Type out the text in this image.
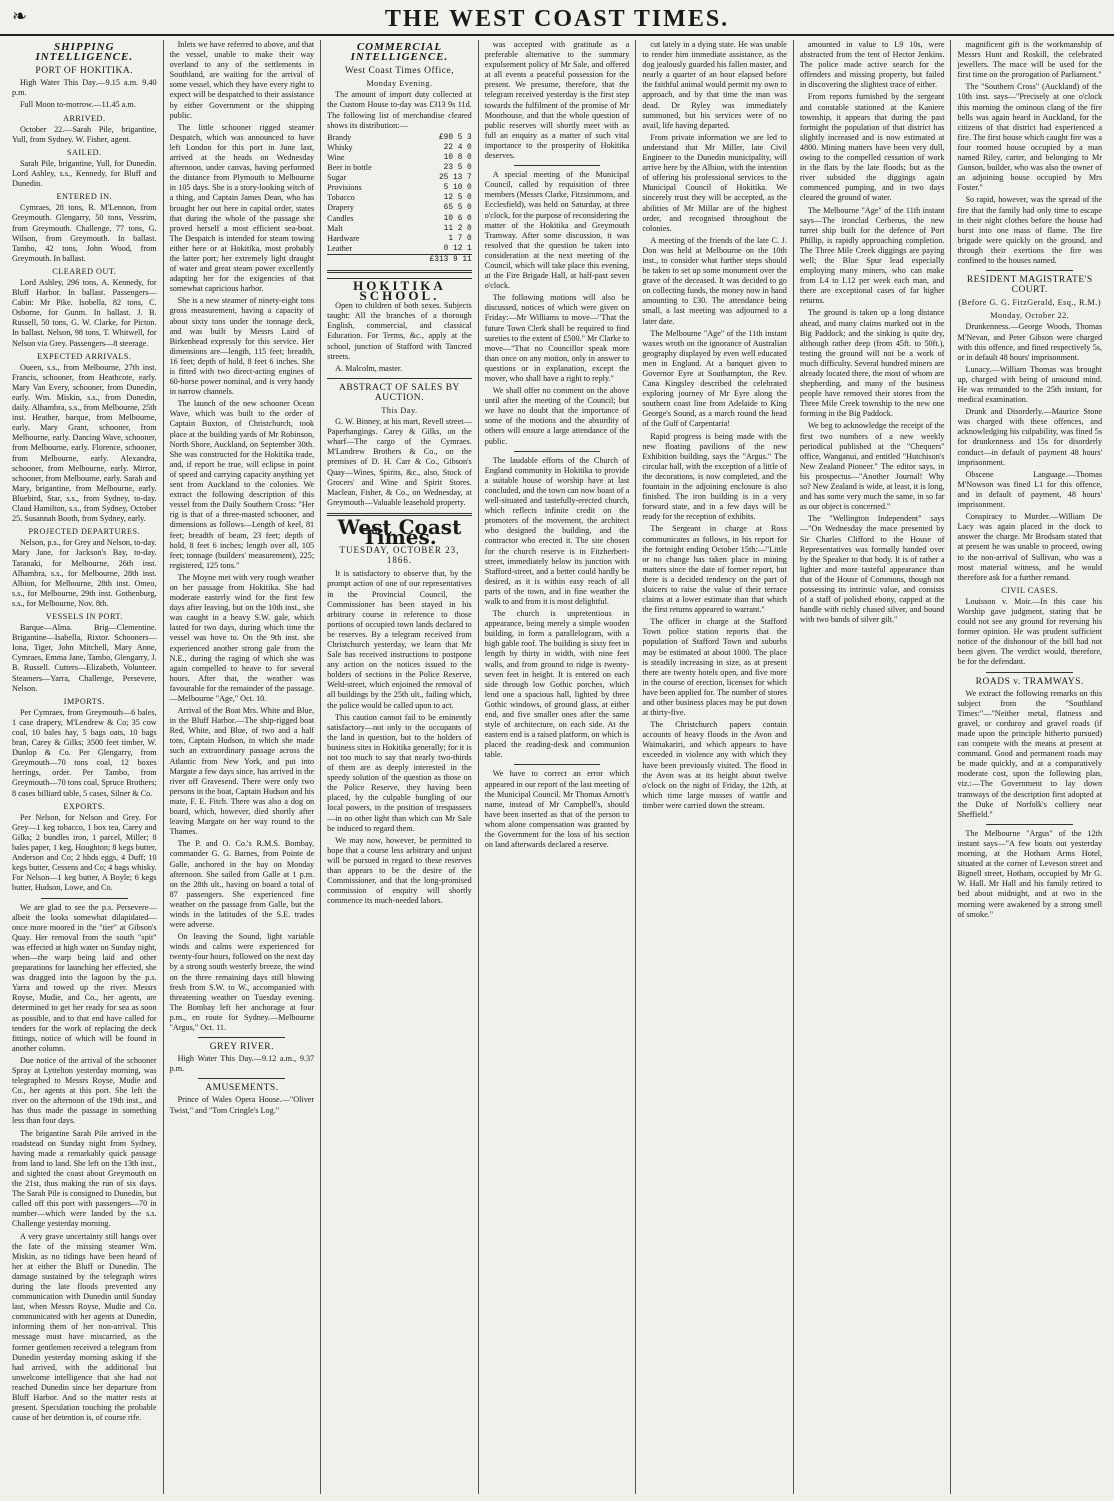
❧	THE WEST COAST TIMES.
SHIPPING INTELLIGENCE.
PORT OF HOKITIKA.

High Water This Day.—9.15 a.m. 9.40 p.m.

Full Moon to-morrow.—11.45 a.m.

ARRIVED.

October 22.—Sarah Pile, brigantine, Yull, from Sydney. W. Fisher, agent.

SAILED.

Sarah Pile, brigantine, Yull, for Dunedin. Lord Ashley, s.s., Kennedy, for Bluff and Dunedin.

ENTERED IN.

Cymraes, 28 tons, R. M'Lennon, from Greymouth. Glengarry, 50 tons, Vessrim, from Greymouth. Challenge, 77 tons, G. Wilson, from Greymouth. In ballast. Tambo, 42 tons, John Wood, from Greymouth. In ballast.

CLEARED OUT.

Lord Ashley, 296 tons, A. Kennedy, for Bluff Harbor. In ballast. Passengers—Cabin: Mr Pike. Isobella, 82 tons, C. Osborne, for Gunm. In ballast. J. B. Russell, 50 tons, G. W. Clarke, for Picton. In ballast. Nelson, 98 tons, T. Whitwell, for Nelson via Grey. Passengers—8 steerage.

EXPECTED ARRIVALS.

Oueen, s.s., from Melbourne, 27th inst. Francis, schooner, from Heathcote, early. Mary Van Every, schooner, from Dunedin, early. Wm. Miskin, s.s., from Dunedin, daily. Alhambra, s.s., from Melbourne, 25th inst. Heather, barque, from Melbourne, early. Mary Grant, schooner, from Melbourne, early. Dancing Wave, schooner, from Melbourne, early. Florence, schooner, from Melbourne, early. Alexandra, schooner, from Melbourne, early. Mirror, schooner, from Melbourne, early. Sarah and Mary, brigantine, from Melbourne, early. Bluebird, Star, s.s., from Sydney, to-day. Claud Hamilton, s.s., from Sydney, October 25. Susannah Booth, from Sydney, early.

PROJECTED DEPARTURES.

Nelson, p.s., for Grey and Nelson, to-day. Mary Jane, for Jackson's Bay, to-day. Taranaki, for Melbourne, 26th inst. Alhambra, s.s., for Melbourne, 28th inst. Albion, for Melbourne, 28th inst. Omeo, s.s., for Melbourne, 29th inst. Gothenburg, s.s., for Melbourne, Nov. 8th.

VESSELS IN PORT.

Barque—Alma. Brig—Clementine. Brigantine—Isabella, Rixtor. Schooners—Iona, Tiger, John Mitchell, Mary Anne, Cymraes, Emma Jane, Tambo, Glengarry, J. B. Russell. Cutters—Elizabeth, Volunteer. Steamers—Yarra, Challenge, Persevere, Nelson.

IMPORTS.

Per Cymraes, from Greymouth—6 bales, 1 case drapery, M'Lendrew & Co; 35 cow coal, 10 bales hay, 5 bags oats, 10 bags bran, Carey & Gilks; 3500 feet timber, W. Dunlop & Co. Per Glengarry, from Greymouth—70 tons coal, 12 boxes herrings, order. Per Tambo, from Greymouth—70 tons coal, Spruce Brothers; 8 cases billiard table, 5 cases, Silner & Co.

EXPORTS.

Per Nelson, for Nelson and Grey. For Grey—1 keg tobacco, 1 box tea, Carey and Gilks; 2 bundles iron, 1 parcel, Miller; 8 bales paper, 1 keg, Houghton; 8 kegs butter, Anderson and Co; 2 hhds eggs, 4 Duff; 10 kegs butter, Cessens and Co; 4 bags whisky. For Nelson—1 keg butter, A Boyle; 6 kegs butter, Hudson, Lowe, and Co.

We are glad to see the p.s. Persevere—albeit the looks somewhat dilapidated—once more moored in the "tier" at Gibson's Quay. Her removal from the south "spit" was effected at high water on Sunday night, when—the warp being laid and other preparations for launching her effected, she was dragged into the lagoon by the p.s. Yarra and towed up the river. Messrs Royse, Mudie, and Co., her agents, are determined to get her ready for sea as soon as possible, and to that end have called for tenders for the work of replacing the deck fittings, notice of which will be found in another column.

Due notice of the arrival of the schooner Spray at Lyttelton yesterday morning, was telegraphed to Messrs Royse, Mudie and Co., her agents at this port. She left the river on the afternoon of the 19th inst., and has thus made the passage in something less than four days.

The brigantine Sarah Pile arrived in the roadstead on Sunday night from Sydney, having made a remarkably quick passage from land to land. She left on the 13th inst., and sighted the coast about Greymouth on the 21st, thus making the run of six days. The Sarah Pile is consigned to Dunedin, but called off this port with passengers—70 in number—which were landed by the s.s. Challenge yesterday morning.

A very grave uncertainty still hangs over the fate of the missing steamer Wm. Miskin, as no tidings have been heard of her at either the Bluff or Dunedin. The damage sustained by the telegraph wires during the late floods prevented any communication with Dunedin until Sunday last, when Messrs Royse, Mudie and Co. communicated with her agents at Dunedin, informing them of her non-arrival. This message must have miscarried, as the former gentlemen received a telegram from Dunedin yesterday morning asking if she had arrived, with the additional but unwelcome intelligence that she had not reached Dunedin since her departure from Bluff Harbor. And so the matter rests at present. Speculation touching the probable cause of her detention is, of course rife.

Inlets we have referred to above, and that the vessel, unable to make their way overland to any of the settlements in Southland, are waiting for the arrival of some vessel, which they have every right to expect will be despatched to their assistance by either Government or the shipping public.

The little schooner rigged steamer Despatch, which was announced to have left London for this port in June last, arrived at the heads on Wednesday afternoon, under canvas, having performed the distance from Plymouth to Melbourne in 105 days. She is a story-looking witch of a thing, and Captain James Dean, who has brought her out here in capital order, states that during the whole of the passage she proved herself a most efficient sea-boat. The Despatch is intended for steam towing either here or at Hokitika, most probably the latter port; her extremely light draught of water and great steam power excellently adapting her for the exigencies of that somewhat capricious harbor.

She is a new steamer of ninety-eight tons gross measurement, having a capacity of about sixty tons under the tonnage deck, and was built by Messrs Laird of Birkenhead expressly for this service. Her dimensions are—length, 115 feet; breadth, 16 feet; depth of hold, 8 feet 6 inches. She is fitted with two direct-acting engines of 60-horse power nominal, and is very handy in narrow channels.

The launch of the new schooner Ocean Wave, which was built to the order of Captain Buxton, of Christchurch, took place at the building yards of Mr Robinson, North Shore, Auckland, on September 30th. She was constructed for the Hokitika trade, and, if report be true, will eclipse in point of speed and carrying capacity anything yet sent from Auckland to the colonies. We extract the following description of this vessel from the Daily Southern Cross: "Her rig is that of a three-masted schooner, and dimensions as follows—Length of keel, 81 feet; breadth of beam, 23 feet; depth of hold, 8 feet 6 inches; length over all, 105 feet; tonnage (builders' measurement), 225; registered, 125 tons."

The Moyne met with very rough weather on her passage from Hokitika. She had moderate easterly wind for the first few days after leaving, but on the 10th inst., she was caught in a heavy S.W. gale, which lasted for two days, during which time the vessel was hove to. On the 9th inst. she experienced another strong gale from the N.E., during the raging of which she was again compelled to heave to for several hours. After that, the weather was favourable for the remainder of the passage.—Melbourne "Age," Oct. 10.

Arrival of the Boat Mrs. White and Blue, in the Bluff Harbor.—The ship-rigged boat Red, White, and Blue, of two and a half tons, Captain Hudson, in which she made such an extraordinary passage across the Atlantic from New York, and put into Margate a few days since, has arrived in the river off Gravesend. There were only two persons in the boat, Captain Hudson and his mate, F. E. Fitch. There was also a dog on board, which, however, died shortly after leaving Margate on her way round to the Thames.

The P. and O. Co.'s R.M.S. Bombay, commander G. G. Barnes, from Pointe de Galle, anchored in the bay on Monday afternoon. She sailed from Galle at 1 p.m. on the 28th ult., having on board a total of 87 passengers. She experienced fine weather on the passage from Galle, but the winds in the latitudes of the S.E. trades were adverse.

On leaving the Sound, light variable winds and calms were experienced for twenty-four hours, followed on the next day by a strong south westerly breeze, the wind on the three remaining days still blowing fresh from S.W. to W., accompanied with threatening weather on Tuesday evening. The Bombay left her anchorage at four p.m., en route for Sydney.—Melbourne "Argus," Oct. 11.

GREY RIVER.

High Water This Day.—9.12 a.m., 9.37 p.m.

AMUSEMENTS.

Prince of Wales Opera House.—"Oliver Twist," and "Tom Cringle's Log."

COMMERCIAL INTELLIGENCE.
West Coast Times Office,
Monday Evening.

The amount of import duty collected at the Custom House to-day was £313 9s 11d. The following list of merchandise cleared shows its distribution:—

Brandy	£90 5 3
Whisky	22 4 0
Wine	10 8 0
Beer in bottle	23 5 0
Sugar	25 13 7
Provisions	5 10 0
Tobacco	12 5 0
Drapery	65 5 0
Candles	10 6 0
Malt	11 2 0
Hardware	1 7 0
Leather	0 12 1
	£313 9 11
HOKITIKA SCHOOL.

Open to children of both sexes. Subjects taught: All the branches of a thorough English, commercial, and classical Education. For Terms, &c., apply at the school, junction of Stafford with Tancred streets.

A. Malcolm, master.

ABSTRACT OF SALES BY AUCTION.
This Day.

G. W. Binney, at his mart, Revell street—Paperhangings. Carey & Gilks, on the wharf—The cargo of the Cymraes. M'Landrew Brothers & Co., on the premises of D. H. Carr & Co., Gibson's Quay—Wines, Spirits, &c., also, Stock of Grocers' and Wine and Spirit Stores. Maclean, Fisher, & Co., on Wednesday, at Greymouth—Valuable leasehold property.

West Coast Times.
TUESDAY, OCTOBER 23, 1866.

It is satisfactory to observe that, by the prompt action of one of our representatives in the Provincial Council, the Commissioner has been stayed in his arbitrary course in reference to those portions of occupied town lands declared to be reserves. By a telegram received from Christchurch yesterday, we learn that Mr Sale has received instructions to postpone any action on the notices issued to the holders of sections in the Police Reserve, Weld-street, which enjoined the removal of all buildings by the 25th ult., failing which, the police would be called upon to act.

This caution cannot fail to be eminently satisfactory—not only to the occupants of the land in question, but to the holders of business sites in Hokitika generally; for it is not too much to say that nearly two-thirds of them are as deeply interested in the speedy solution of the question as those on the Police Reserve, they having been placed, by the culpable bungling of our local powers, in the position of trespassers—in no other light than which can Mr Sale be induced to regard them.

We may now, however, be permitted to hope that a course less arbitrary and unjust will be pursued in regard to these reserves than appears to be the desire of the Commissioner, and that the long-promised commission of enquiry will shortly commence its much-needed labors.

was accepted with gratitude as a preferable alternative to the summary expulsement policy of Mr Sale, and offered at all events a peaceful possession for the present. We presume, therefore, that the telegram received yesterday is the first step towards the fulfilment of the promise of Mr Moorhouse, and that the whole question of public reserves will shortly meet with as full an enquiry as a matter of such vital importance to the prosperity of Hokitika deserves.

A special meeting of the Municipal Council, called by requisition of three members (Messrs Clarke, Fitzsimmons, and Ecclesfield), was held on Saturday, at three o'clock, for the purpose of reconsidering the matter of the Hokitika and Greymouth Tramway. After some discussion, it was resolved that the question be taken into consideration at the next meeting of the Council, which will take place this evening, at the Fire Brigade Hall, at half-past seven o'clock.

The following motions will also be discussed, notices of which were given on Friday:—Mr Williams to move—"That the future Town Clerk shall be required to find sureties to the extent of £500." Mr Clarke to move—"That no Councillor speak more than once on any motion, only in answer to questions or in explanation, except the mover, who shall have a right to reply."

We shall offer no comment on the above until after the meeting of the Council; but we have no doubt that the importance of some of the motions and the absurdity of others will ensure a large attendance of the public.

The laudable efforts of the Church of England community in Hokitika to provide a suitable house of worship have at last concluded, and the town can now boast of a well-situated and tastefully-erected church, which reflects infinite credit on the promoters of the movement, the architect who designed the building, and the contractor who erected it. The site chosen for the church reserve is in Fitzherbert-street, immediately below its junction with Stafford-street, and a better could hardly be desired, as it is within easy reach of all parts of the town, and in fine weather the walk to and from it is most delightful.

The church is unpretentious in appearance, being merely a simple wooden building, in form a parallelogram, with a high gable roof. The building is sixty feet in length by thirty in width, with nine feet walls, and from ground to ridge is twenty-seven feet in height. It is entered on each side through low Gothic porches, which lend one a spacious hall, lighted by three Gothic windows, of ground glass, at either end, and five smaller ones after the same style of architecture, on each side. At the eastern end is a raised platform, on which is placed the reading-desk and communion table.

We have to correct an error which appeared in our report of the last meeting of the Municipal Council. Mr Thomas Arnott's name, instead of Mr Campbell's, should have been inserted as that of the person to whom alone compensation was granted by the Government for the loss of his section on land afterwards declared a reserve.

cut lately in a dying state. He was unable to render him immediate assistance, as the dog jealously guarded his fallen master, and nearly a quarter of an hour elapsed before the faithful animal would permit my own to approach, and by that time the man was dead. Dr Ryley was immediately summoned, but his services were of no avail, life having departed.

From private information we are led to understand that Mr Miller, late Civil Engineer to the Dunedin municipality, will arrive here by the Albion, with the intention of offering his professional services to the Municipal Council of Hokitika. We sincerely trust they will be accepted, as the abilities of Mr Millar are of the highest order, and recognised throughout the colonies.

A meeting of the friends of the late C. J. Don was held at Melbourne on the 10th inst., to consider what further steps should be taken to set up some monument over the grave of the deceased. It was decided to go on collecting funds, the money now in hand amounting to £30. The attendance being small, a last meeting was adjourned to a later date.

The Melbourne "Age" of the 11th instant waxes wroth on the ignorance of Australian geography displayed by even well educated men in England. At a banquet given to Governor Eyre at Southampton, the Rev. Cana Kingsley described the celebrated exploring journey of Mr Eyre along the southern coast line from Adelaide to King George's Sound, as a march round the head of the Gulf of Carpentaria!

Rapid progress is being made with the new floating pavilions of the new Exhibition building, says the "Argus." The circular hall, with the exception of a little of the decorations, is now completed, and the fountain in the adjoining enclosure is also finished. The iron building is in a very forward state, and in a few days will be ready for the reception of exhibits.

The Sergeant in charge at Ross communicates as follows, in his report for the fortnight ending October 15th:—"Little or no change has taken place in mining matters since the date of former report, but there is a decided tendency on the part of sluicers to raise the value of their terrace claims at a lower estimate than that which the first returns appeared to warrant."

The officer in charge at the Stafford Town police station reports that the population of Stafford Town and suburbs may be estimated at about 1000. The place is steadily increasing in size, as at present there are twenty hotels open, and five more in the course of erection, licenses for which have been applied for. The number of stores and other business places may be put down at thirty-five.

The Christchurch papers contain accounts of heavy floods in the Avon and Waimakariri, and which appears to have exceeded in violence any with which they have been previously visited. The flood in the Avon was at its height about twelve o'clock on the night of Friday, the 12th, at which time large masses of wattle and timber were carried down the stream.

amounted in value to L9 10s, were abstracted from the tent of Hector Jenkins. The police made active search for the offenders and missing property, but failed in discovering the slightest trace of either.

From reports furnished by the sergeant and constable stationed at the Kaniere township, it appears that during the past fortnight the population of that district has slightly increased and is now estimated at 4800. Mining matters have been very dull, owing to the compelled cessation of work in the flats by the late floods; but as the river subsided the diggings again commenced pumping, and in two days cleared the ground of water.

The Melbourne "Age" of the 11th instant says—The ironclad Cerberus, the new turret ship built for the defence of Port Phillip, is rapidly approaching completion. The Three Mile Creek diggings are paying well; the Blue Spur lead especially employing many miners, who can make from L4 to L12 per week each man, and there are exceptional cases of far higher returns.

The ground is taken up a long distance ahead, and many claims marked out in the Big Paddock; and the sinking is quite dry, although rather deep (from 45ft. to 50ft.), testing the ground will not be a work of much difficulty. Several hundred miners are already located there, the most of whom are shepherding, and many of the business people have removed their stores from the Three Mile Creek township to the new one forming in the Big Paddock.

We beg to acknowledge the receipt of the first two numbers of a new weekly periodical published at the "Chequers" office, Wanganui, and entitled "Hutchison's New Zealand Pioneer." The editor says, in his prospectus—"Another Journal! Why so? New Zealand is wide, at least, it is long, and has some very much the same, in so far as our object is concerned."

The "Wellington Independent" says—"On Wednesday the mace presented by Sir Charles Clifford to the House of Representatives was formally handed over by the Speaker to that body. It is of rather a lighter and more tasteful appearance than that of the House of Commons, though not possessing its intrinsic value, and consists of a staff of polished ebony, capped at the handle with richly chased silver, and bound with two bands of silver gilt."

magnificent gift is the workmanship of Messrs Hunt and Roskill, the celebrated jewellers. The mace will be used for the first time on the prorogation of Parliament."

The "Southern Cross" (Auckland) of the 10th inst. says—"Precisely at one o'clock this morning the ominous clang of the fire bells was again heard in Auckland, for the citizens of that district had experienced a fire. The first house which caught fire was a four roomed house occupied by a man named Riley, carter, and belonging to Mr Gunson, builder, who was also the owner of an adjoining house occupied by Mrs Foster."

So rapid, however, was the spread of the fire that the family had only time to escape in their night clothes before the house had burst into one mass of flame. The fire brigade were quickly on the ground, and through their exertions the fire was confined to the houses named.

RESIDENT MAGISTRATE'S COURT.
(Before G. G. FitzGerald, Esq., R.M.)
Monday, October 22.

Drunkenness.—George Woods, Thomas M'Nevan, and Peter Gibson were charged with this offence, and fined respectively 5s, or in default 48 hours' imprisonment.

Lunacy.—William Thomas was brought up, charged with being of unsound mind. He was remanded to the 25th instant, for medical examination.

Drunk and Disorderly.—Maurice Stone was charged with these offences, and acknowledging his culpability, was fined 5s for drunkenness and 15s for disorderly conduct—in default of payment 48 hours' imprisonment.

Obscene Language.—Thomas M'Nowson was fined L1 for this offence, and in default of payment, 48 hours' imprisonment.

Conspiracy to Murder.—William De Lacy was again placed in the dock to answer the charge. Mr Brodsam stated that at present he was unable to proceed, owing to the non-arrival of Sullivan, who was a most material witness, and he would therefore ask for a further remand.

CIVIL CASES.

Louisson v. Moir.—In this case his Worship gave judgment, stating that he could not see any ground for reversing his former opinion. He was prudent sufficient notice of the dishonour of the bill had not been given. The verdict would, therefore, be for the defendant.

ROADS v. TRAMWAYS.

We extract the following remarks on this subject from the "Southland Times:"—"Neither metal, flatness and gravel, or corduroy and gravel roads (if made upon the principle hitherto pursued) can compete with the means at present at command. Good and permanent roads may be made quickly, and at a comparatively moderate cost, upon the following plan, viz.:—The Government to lay down tramways of the description first adopted at the Duke of Norfolk's colliery near Sheffield."

The Melbourne "Argus" of the 12th instant says—"A few boats out yesterday morning, at the Hotham Arms Hotel, situated at the corner of Leveson street and Bignell street, Hotham, occupied by Mr G. W. Hall. Mr Hall and his family retired to bed about midnight, and at two in the morning were awakened by a strong smell of smoke."
